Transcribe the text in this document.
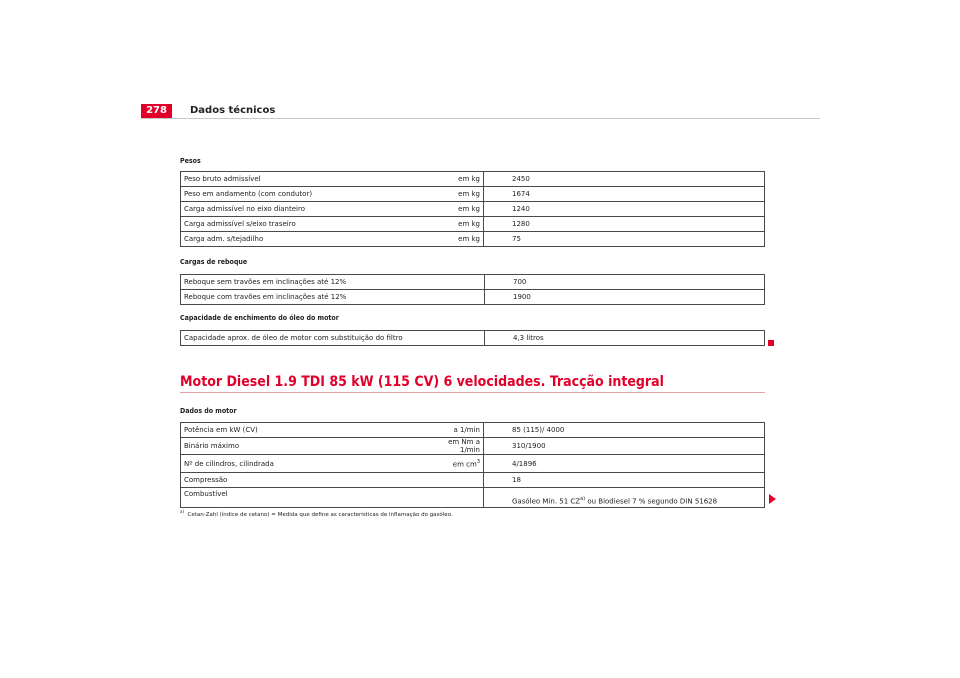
278	Dados técnicos
Pesos
Peso bruto admissível	em kg	2450
Peso em andamento (com condutor)	em kg	1674
Carga admissível no eixo dianteiro	em kg	1240
Carga admissível s/eixo traseiro	em kg	1280
Carga adm. s/tejadilho	em kg	75
Cargas de reboque
Reboque sem travões em inclinações até 12%	700
Reboque com travões em inclinações até 12%	1900
Capacidade de enchimento do óleo do motor
Capacidade aprox. de óleo de motor com substituição do filtro	4,3 litros
Motor Diesel 1.9 TDI 85 kW (115 CV) 6 velocidades. Tracção integral
Dados do motor
Potência em kW (CV)	a 1/min	85 (115)/ 4000
Binário máximo	em Nm a 1/min	310/1900
Nº de cilindros, cilindrada	em $cm^3$	4/1896
Compressão		18
Combustível		Gasóleo Min. 51 CZ$^{a)}$ ou Biodiesel 7 % segundo DIN 51628
$^{a)}$  Cetan-Zahl (índice de cetano) = Medida que define as características de inflamação do gasóleo.
